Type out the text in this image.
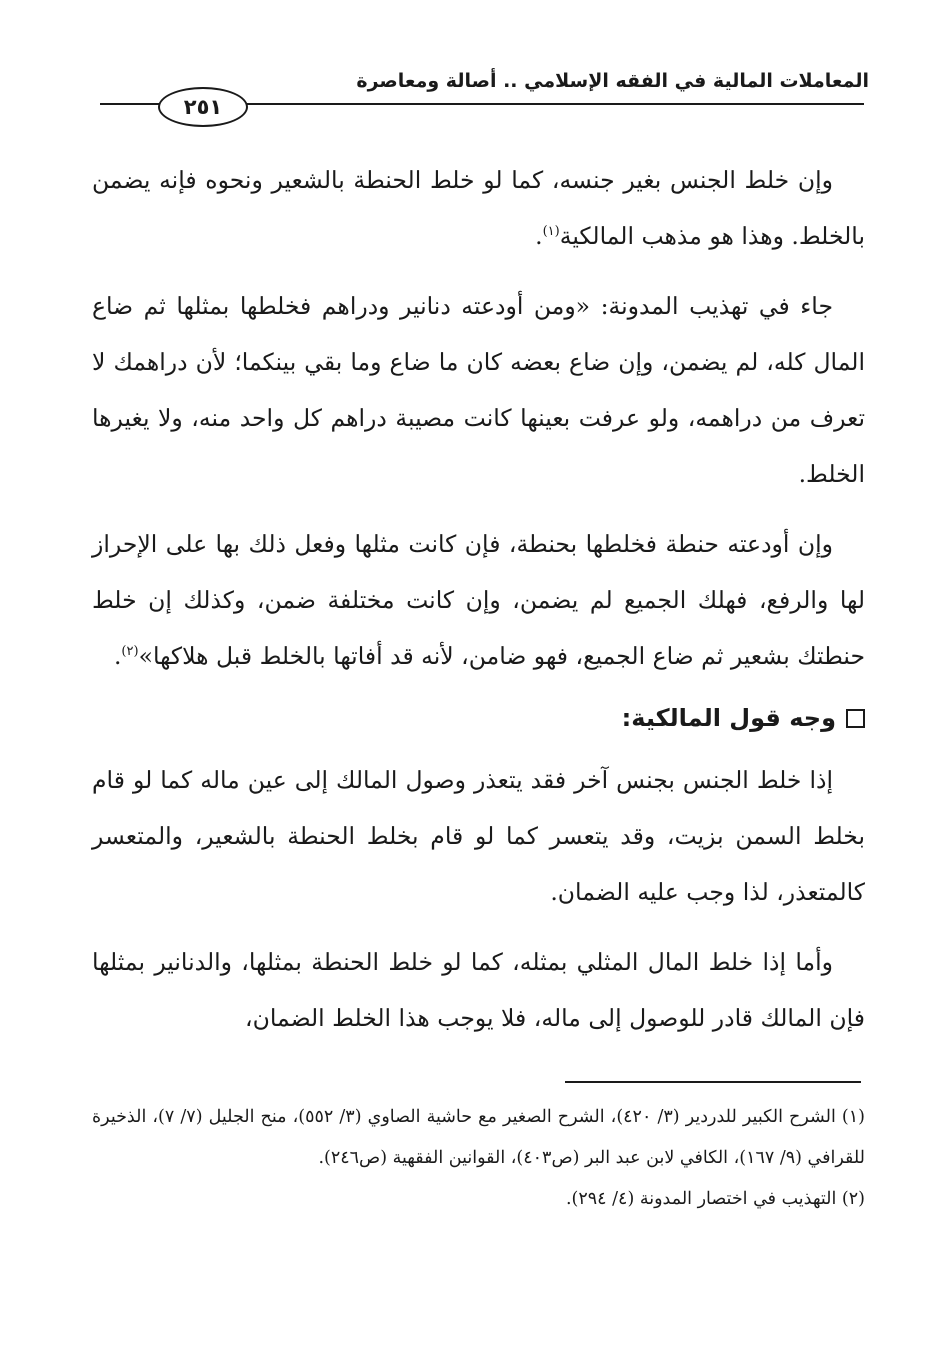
المعاملات المالية في الفقه الإسلامي .. أصالة ومعاصرة
٢٥١

وإن خلط الجنس بغير جنسه، كما لو خلط الحنطة بالشعير ونحوه فإنه يضمن بالخلط. وهذا هو مذهب المالكية$^{(١)}$.

جاء في تهذيب المدونة: «ومن أودعته دنانير ودراهم فخلطها بمثلها ثم ضاع المال كله، لم يضمن، وإن ضاع بعضه كان ما ضاع وما بقي بينكما؛ لأن دراهمك لا تعرف من دراهمه، ولو عرفت بعينها كانت مصيبة دراهم كل واحد منه، ولا يغيرها الخلط.

وإن أودعته حنطة فخلطها بحنطة، فإن كانت مثلها وفعل ذلك بها على الإحراز لها والرفع، فهلك الجميع لم يضمن، وإن كانت مختلفة ضمن، وكذلك إن خلط حنطتك بشعير ثم ضاع الجميع، فهو ضامن، لأنه قد أفاتها بالخلط قبل هلاكها»$^{(٢)}$.

وجه قول المالكية:

إذا خلط الجنس بجنس آخر فقد يتعذر وصول المالك إلى عين ماله كما لو قام بخلط السمن بزيت، وقد يتعسر كما لو قام بخلط الحنطة بالشعير، والمتعسر كالمتعذر، لذا وجب عليه الضمان.

وأما إذا خلط المال المثلي بمثله، كما لو خلط الحنطة بمثلها، والدنانير بمثلها فإن المالك قادر للوصول إلى ماله، فلا يوجب هذا الخلط الضمان،

(١) الشرح الكبير للدردير (٣/ ٤٢٠)، الشرح الصغير مع حاشية الصاوي (٣/ ٥٥٢)، منح الجليل (٧/ ٧)، الذخيرة للقرافي (٩/ ١٦٧)، الكافي لابن عبد البر (ص٤٠٣)، القوانين الفقهية (ص٢٤٦).

(٢) التهذيب في اختصار المدونة (٤/ ٢٩٤).
